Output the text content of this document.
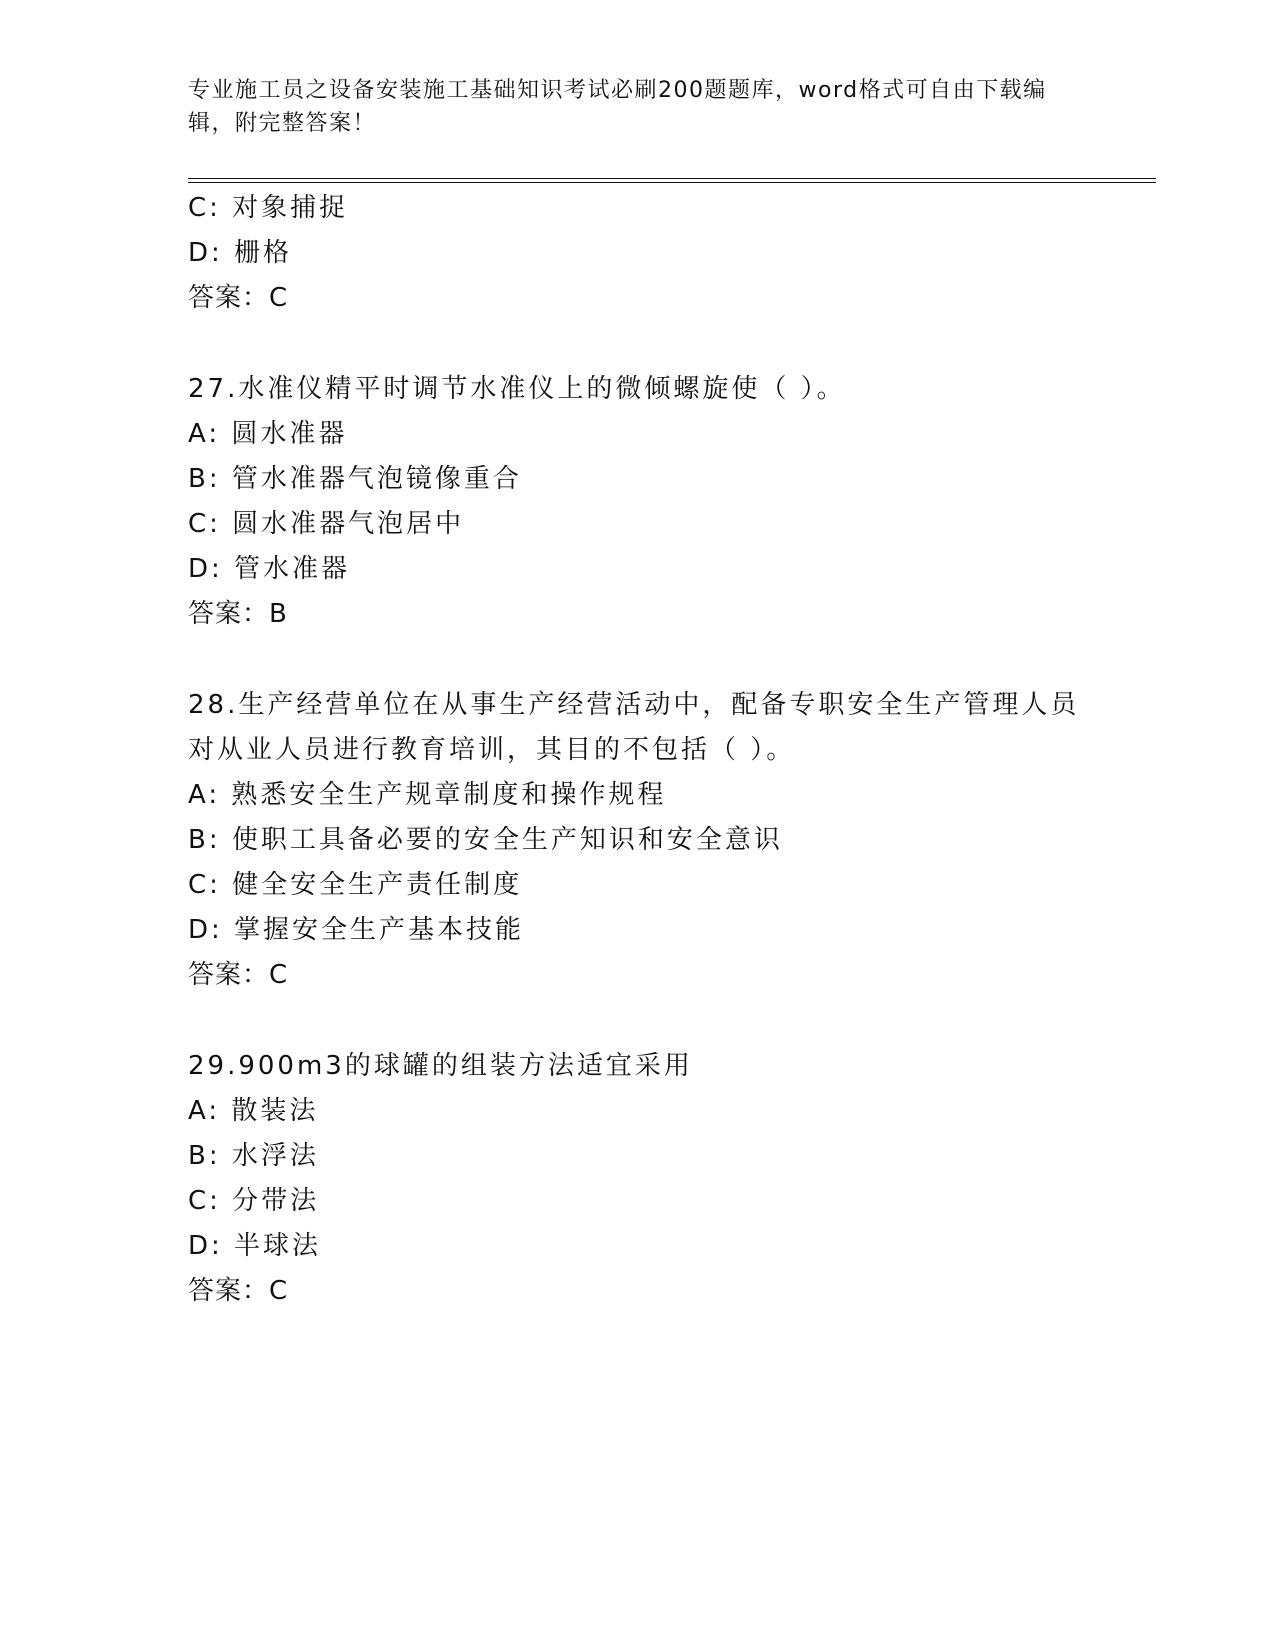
专业施工员之设备安装施工基础知识考试必刷200题题库，word格式可自由下载编辑，附完整答案！
C: 对象捕捉
D: 栅格
答案：C
27.水准仪精平时调节水准仪上的微倾螺旋使（ ）。
A: 圆水准器
B: 管水准器气泡镜像重合
C: 圆水准器气泡居中
D: 管水准器
答案：B
28.生产经营单位在从事生产经营活动中，配备专职安全生产管理人员
对从业人员进行教育培训，其目的不包括（ ）。
A: 熟悉安全生产规章制度和操作规程
B: 使职工具备必要的安全生产知识和安全意识
C: 健全安全生产责任制度
D: 掌握安全生产基本技能
答案：C
29.900m3的球罐的组装方法适宜采用
A: 散装法
B: 水浮法
C: 分带法
D: 半球法
答案：C
